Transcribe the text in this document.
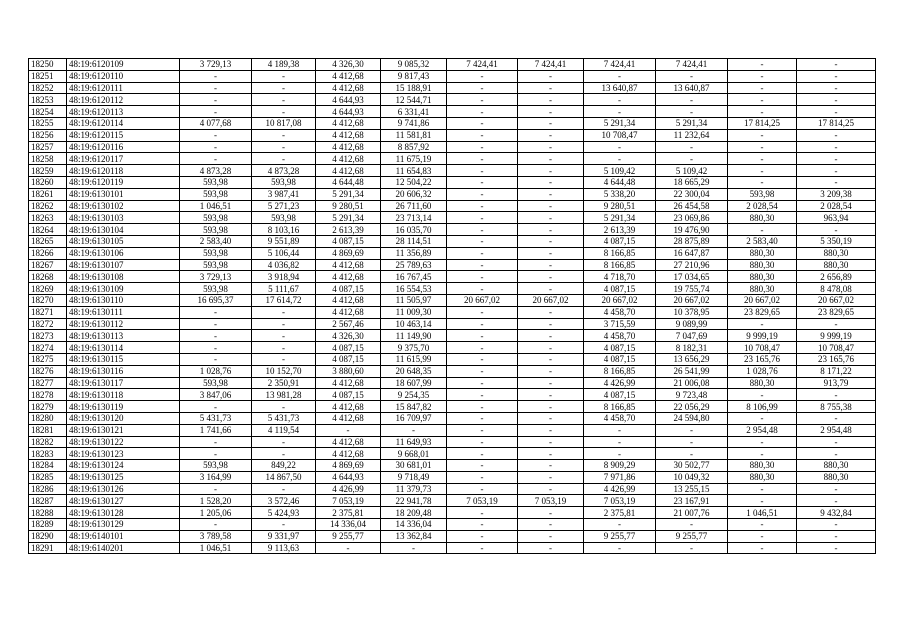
18250	48:19:6120109	3 729,13	4 189,38	4 326,30	9 085,32	7 424,41	7 424,41	7 424,41	7 424,41	-	-
18251	48:19:6120110	-	-	4 412,68	9 817,43	-	-	-	-	-	-
18252	48:19:6120111	-	-	4 412,68	15 188,91	-	-	13 640,87	13 640,87	-	-
18253	48:19:6120112	-	-	4 644,93	12 544,71	-	-	-	-	-	-
18254	48:19:6120113	-	-	4 644,93	6 331,41	-	-	-	-	-	-
18255	48:19:6120114	4 077,68	10 817,08	4 412,68	9 741,86	-	-	5 291,34	5 291,34	17 814,25	17 814,25
18256	48:19:6120115	-	-	4 412,68	11 581,81	-	-	10 708,47	11 232,64	-	-
18257	48:19:6120116	-	-	4 412,68	8 857,92	-	-	-	-	-	-
18258	48:19:6120117	-	-	4 412,68	11 675,19	-	-	-	-	-	-
18259	48:19:6120118	4 873,28	4 873,28	4 412,68	11 654,83	-	-	5 109,42	5 109,42	-	-
18260	48:19:6120119	593,98	593,98	4 644,48	12 504,22	-	-	4 644,48	18 665,29	-	-
18261	48:19:6130101	593,98	3 987,41	5 291,34	20 606,32	-	-	5 338,20	22 300,04	593,98	3 209,38
18262	48:19:6130102	1 046,51	5 271,23	9 280,51	26 711,60	-	-	9 280,51	26 454,58	2 028,54	2 028,54
18263	48:19:6130103	593,98	593,98	5 291,34	23 713,14	-	-	5 291,34	23 069,86	880,30	963,94
18264	48:19:6130104	593,98	8 103,16	2 613,39	16 035,70	-	-	2 613,39	19 476,90	-	-
18265	48:19:6130105	2 583,40	9 551,89	4 087,15	28 114,51	-	-	4 087,15	28 875,89	2 583,40	5 350,19
18266	48:19:6130106	593,98	5 106,44	4 869,69	11 356,89	-	-	8 166,85	16 647,87	880,30	880,30
18267	48:19:6130107	593,98	4 036,82	4 412,68	25 789,63	-	-	8 166,85	27 210,96	880,30	880,30
18268	48:19:6130108	3 729,13	3 918,94	4 412,68	16 767,45	-	-	4 718,70	17 034,65	880,30	2 656,89
18269	48:19:6130109	593,98	5 111,67	4 087,15	16 554,53	-	-	4 087,15	19 755,74	880,30	8 478,08
18270	48:19:6130110	16 695,37	17 614,72	4 412,68	11 505,97	20 667,02	20 667,02	20 667,02	20 667,02	20 667,02	20 667,02
18271	48:19:6130111	-	-	4 412,68	11 009,30	-	-	4 458,70	10 378,95	23 829,65	23 829,65
18272	48:19:6130112	-	-	2 567,46	10 463,14	-	-	3 715,59	9 089,99	-	-
18273	48:19:6130113	-	-	4 326,30	11 149,90	-	-	4 458,70	7 047,69	9 999,19	9 999,19
18274	48:19:6130114	-	-	4 087,15	9 375,70	-	-	4 087,15	8 182,31	10 708,47	10 708,47
18275	48:19:6130115	-	-	4 087,15	11 615,99	-	-	4 087,15	13 656,29	23 165,76	23 165,76
18276	48:19:6130116	1 028,76	10 152,70	3 880,60	20 648,35	-	-	8 166,85	26 541,99	1 028,76	8 171,22
18277	48:19:6130117	593,98	2 350,91	4 412,68	18 607,99	-	-	4 426,99	21 006,08	880,30	913,79
18278	48:19:6130118	3 847,06	13 981,28	4 087,15	9 254,35	-	-	4 087,15	9 723,48	-	-
18279	48:19:6130119	-	-	4 412,68	15 847,82	-	-	8 166,85	22 056,29	8 106,99	8 755,38
18280	48:19:6130120	5 431,73	5 431,73	4 412,68	16 709,97	-	-	4 458,70	24 594,80	-	-
18281	48:19:6130121	1 741,66	4 119,54	-	-	-	-	-	-	2 954,48	2 954,48
18282	48:19:6130122	-	-	4 412,68	11 649,93	-	-	-	-	-	-
18283	48:19:6130123	-	-	4 412,68	9 668,01	-	-	-	-	-	-
18284	48:19:6130124	593,98	849,22	4 869,69	30 681,01	-	-	8 909,29	30 502,77	880,30	880,30
18285	48:19:6130125	3 164,99	14 867,50	4 644,93	9 718,49	-	-	7 971,86	10 049,32	880,30	880,30
18286	48:19:6130126	-	-	4 426,99	11 379,73	-	-	4 426,99	13 255,15	-	-
18287	48:19:6130127	1 528,20	3 572,46	7 053,19	22 941,78	7 053,19	7 053,19	7 053,19	23 167,91	-	-
18288	48:19:6130128	1 205,06	5 424,93	2 375,81	18 209,48	-	-	2 375,81	21 007,76	1 046,51	9 432,84
18289	48:19:6130129	-	-	14 336,04	14 336,04	-	-	-	-	-	-
18290	48:19:6140101	3 789,58	9 331,97	9 255,77	13 362,84	-	-	9 255,77	9 255,77	-	-
18291	48:19:6140201	1 046,51	9 113,63	-	-	-	-	-	-	-	-
